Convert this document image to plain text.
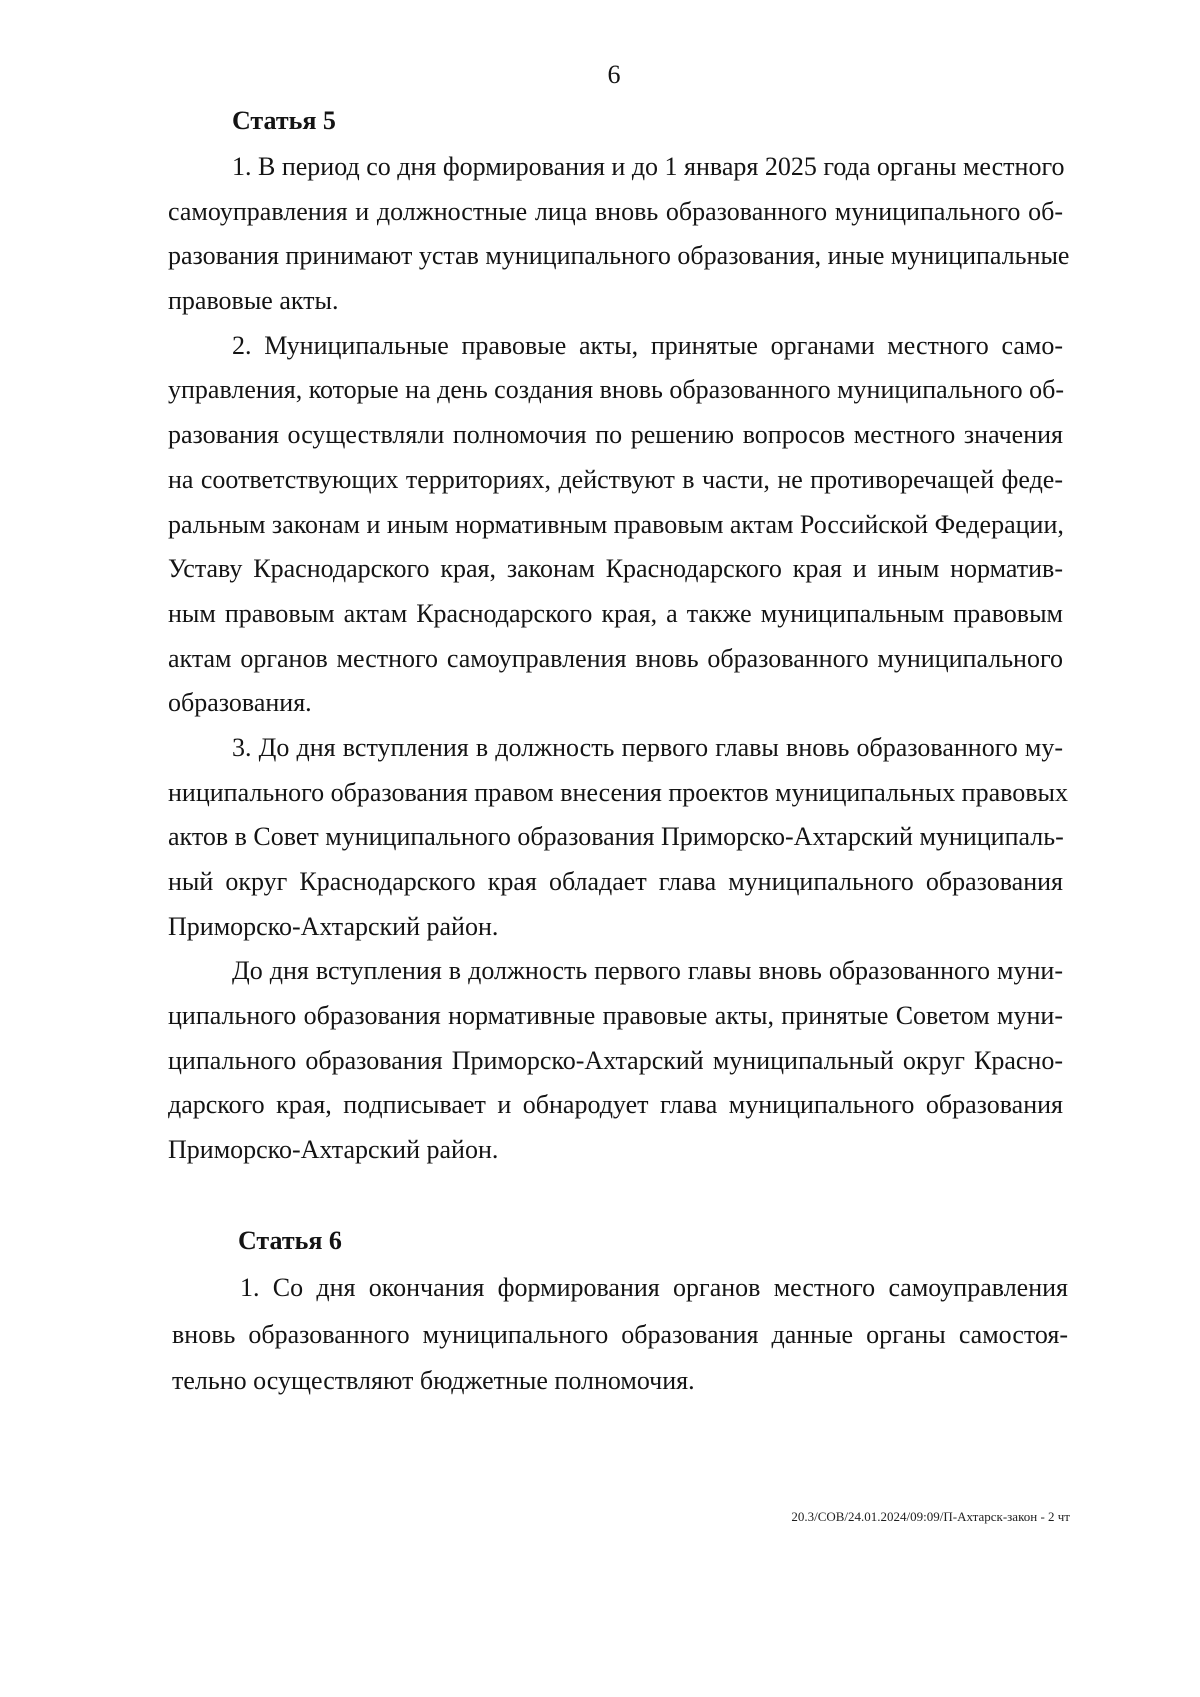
6
Статья 5
1. В период со дня формирования и до 1 января 2025 года органы местного
самоуправления и должностные лица вновь образованного муниципального об-
разования принимают устав муниципального образования, иные муниципальные
правовые акты.
2. Муниципальные правовые акты, принятые органами местного само-
управления, которые на день создания вновь образованного муниципального об-
разования осуществляли полномочия по решению вопросов местного значения
на соответствующих территориях, действуют в части, не противоречащей феде-
ральным законам и иным нормативным правовым актам Российской Федерации,
Уставу Краснодарского края, законам Краснодарского края и иным норматив-
ным правовым актам Краснодарского края, а также муниципальным правовым
актам органов местного самоуправления вновь образованного муниципального
образования.
3. До дня вступления в должность первого главы вновь образованного му-
ниципального образования правом внесения проектов муниципальных правовых
актов в Совет муниципального образования Приморско-Ахтарский муниципаль-
ный округ Краснодарского края обладает глава муниципального образования
Приморско-Ахтарский район.
До дня вступления в должность первого главы вновь образованного муни-
ципального образования нормативные правовые акты, принятые Советом муни-
ципального образования Приморско-Ахтарский муниципальный округ Красно-
дарского края, подписывает и обнародует глава муниципального образования
Приморско-Ахтарский район.
Статья 6
1. Со дня окончания формирования органов местного самоуправления
вновь образованного муниципального образования данные органы самостоя-
тельно осуществляют бюджетные полномочия.
20.3/СОВ/24.01.2024/09:09/П-Ахтарск-закон - 2 чт
